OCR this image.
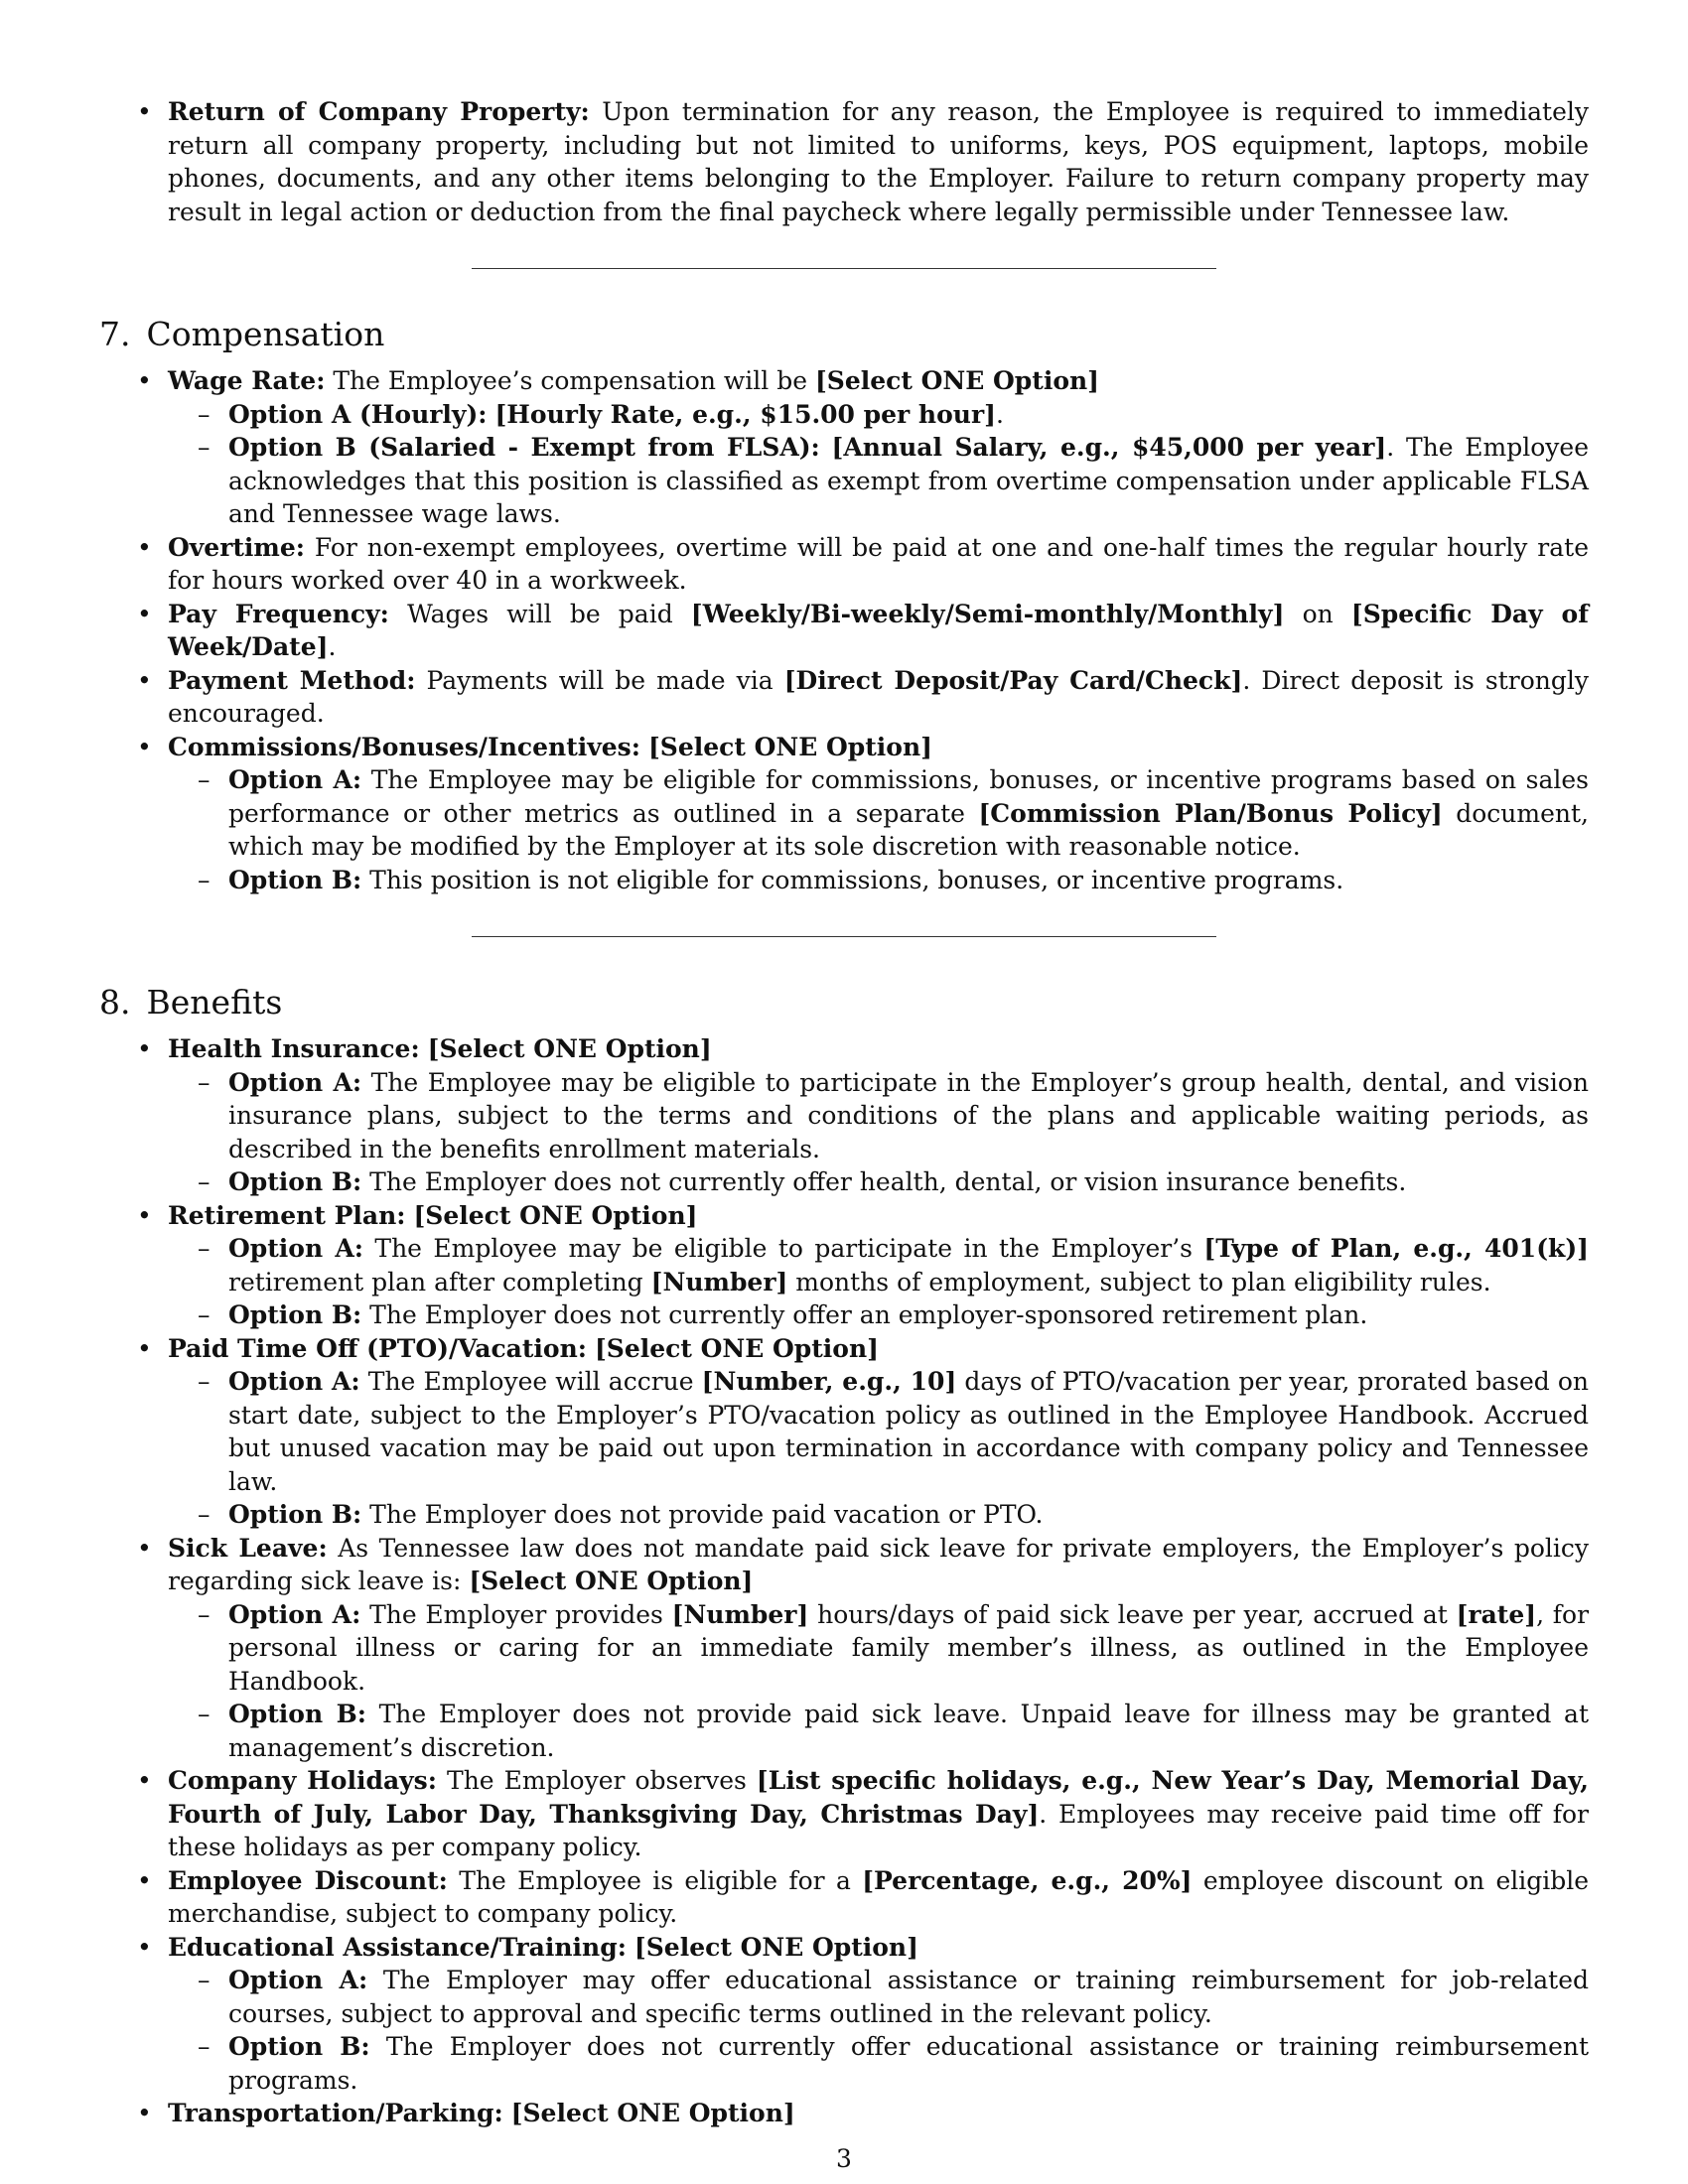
• Return of Company Property: Upon termination for any reason, the Employee is required to immediately return all company property, including but not limited to uniforms, keys, POS equipment, laptops, mobile phones, documents, and any other items belonging to the Employer. Failure to return company property may result in legal action or deduction from the final paycheck where legally permissible under Tennessee law.
7. Compensation
• Wage Rate: The Employee’s compensation will be [Select ONE Option]
– Option A (Hourly): [Hourly Rate, e.g., $15.00 per hour].
– Option B (Salaried - Exempt from FLSA): [Annual Salary, e.g., $45,000 per year]. The Employee acknowledges that this position is classified as exempt from overtime compensation under applicable FLSA and Tennessee wage laws.
• Overtime: For non-exempt employees, overtime will be paid at one and one-half times the regular hourly rate for hours worked over 40 in a workweek.
• Pay Frequency: Wages will be paid [Weekly/Bi-weekly/Semi-monthly/Monthly] on [Specific Day of Week/Date].
• Payment Method: Payments will be made via [Direct Deposit/Pay Card/Check]. Direct deposit is strongly encouraged.
• Commissions/Bonuses/Incentives: [Select ONE Option]
– Option A: The Employee may be eligible for commissions, bonuses, or incentive programs based on sales performance or other metrics as outlined in a separate [Commission Plan/Bonus Policy] document, which may be modified by the Employer at its sole discretion with reasonable notice.
– Option B: This position is not eligible for commissions, bonuses, or incentive programs.
8. Benefits
• Health Insurance: [Select ONE Option]
– Option A: The Employee may be eligible to participate in the Employer’s group health, dental, and vision insurance plans, subject to the terms and conditions of the plans and applicable waiting periods, as described in the benefits enrollment materials.
– Option B: The Employer does not currently offer health, dental, or vision insurance benefits.
• Retirement Plan: [Select ONE Option]
– Option A: The Employee may be eligible to participate in the Employer’s [Type of Plan, e.g., 401(k)] retirement plan after completing [Number] months of employment, subject to plan eligibility rules.
– Option B: The Employer does not currently offer an employer-sponsored retirement plan.
• Paid Time Off (PTO)/Vacation: [Select ONE Option]
– Option A: The Employee will accrue [Number, e.g., 10] days of PTO/vacation per year, prorated based on start date, subject to the Employer’s PTO/vacation policy as outlined in the Employee Handbook. Accrued but unused vacation may be paid out upon termination in accordance with company policy and Tennessee law.
– Option B: The Employer does not provide paid vacation or PTO.
• Sick Leave: As Tennessee law does not mandate paid sick leave for private employers, the Employer’s policy regarding sick leave is: [Select ONE Option]
– Option A: The Employer provides [Number] hours/days of paid sick leave per year, accrued at [rate], for personal illness or caring for an immediate family member’s illness, as outlined in the Employee Handbook.
– Option B: The Employer does not provide paid sick leave. Unpaid leave for illness may be granted at management’s discretion.
• Company Holidays: The Employer observes [List specific holidays, e.g., New Year’s Day, Memorial Day, Fourth of July, Labor Day, Thanksgiving Day, Christmas Day]. Employees may receive paid time off for these holidays as per company policy.
• Employee Discount: The Employee is eligible for a [Percentage, e.g., 20%] employee discount on eligible merchandise, subject to company policy.
• Educational Assistance/Training: [Select ONE Option]
– Option A: The Employer may offer educational assistance or training reimbursement for job-related courses, subject to approval and specific terms outlined in the relevant policy.
– Option B: The Employer does not currently offer educational assistance or training reimbursement programs.
• Transportation/Parking: [Select ONE Option]
3
